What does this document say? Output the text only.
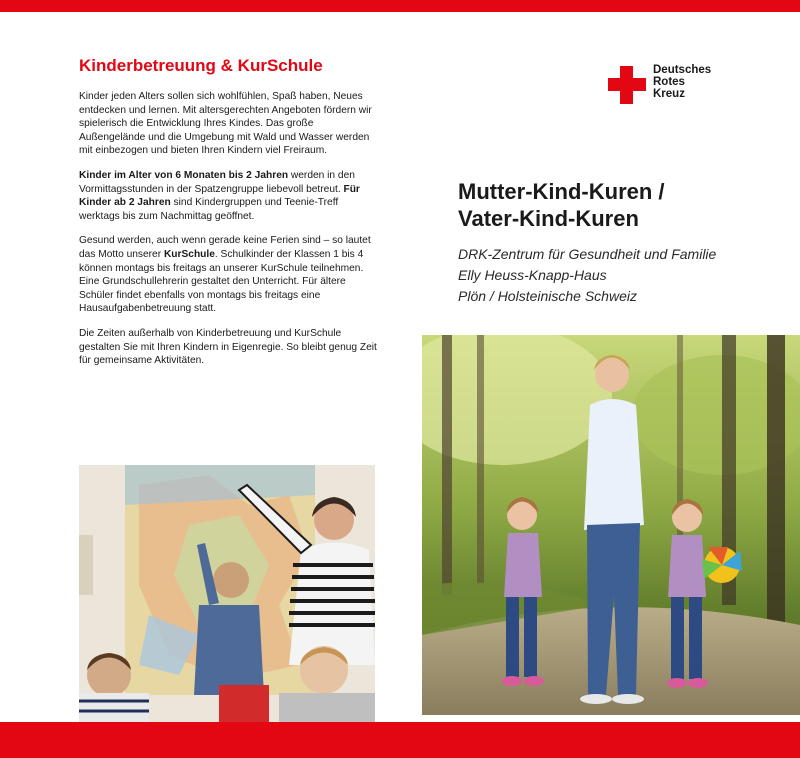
Kinderbetreuung & KurSchule

Kinder jeden Alters sollen sich wohlfühlen, Spaß haben, Neues entdecken und lernen. Mit altersgerechten Angeboten fördern wir spielerisch die Entwicklung Ihres Kindes. Das große Außengelände und die Umgebung mit Wald und Wasser werden mit einbezogen und bieten Ihren Kindern viel Freiraum.

Kinder im Alter von 6 Monaten bis 2 Jahren werden in den Vormittagsstunden in der Spatzengruppe liebevoll betreut. Für Kinder ab 2 Jahren sind Kindergruppen und Teenie-Treff werktags bis zum Nachmittag geöffnet.

Gesund werden, auch wenn gerade keine Ferien sind – so lautet das Motto unserer KurSchule. Schulkinder der Klassen 1 bis 4 können montags bis freitags an unserer KurSchule teilnehmen. Eine Grundschullehrerin gestaltet den Unterricht. Für ältere Schüler findet ebenfalls von montags bis freitags eine Hausaufgabenbetreuung statt.

Die Zeiten außerhalb von Kinderbetreuung und KurSchule gestalten Sie mit Ihren Kindern in Eigenregie. So bleibt genug Zeit für gemeinsame Aktivitäten.

Deutsches
Rotes
Kreuz
Mutter-Kind-Kuren /
Vater-Kind-Kuren
DRK-Zentrum für Gesundheit und Familie
Elly Heuss-Knapp-Haus
Plön / Holsteinische Schweiz
